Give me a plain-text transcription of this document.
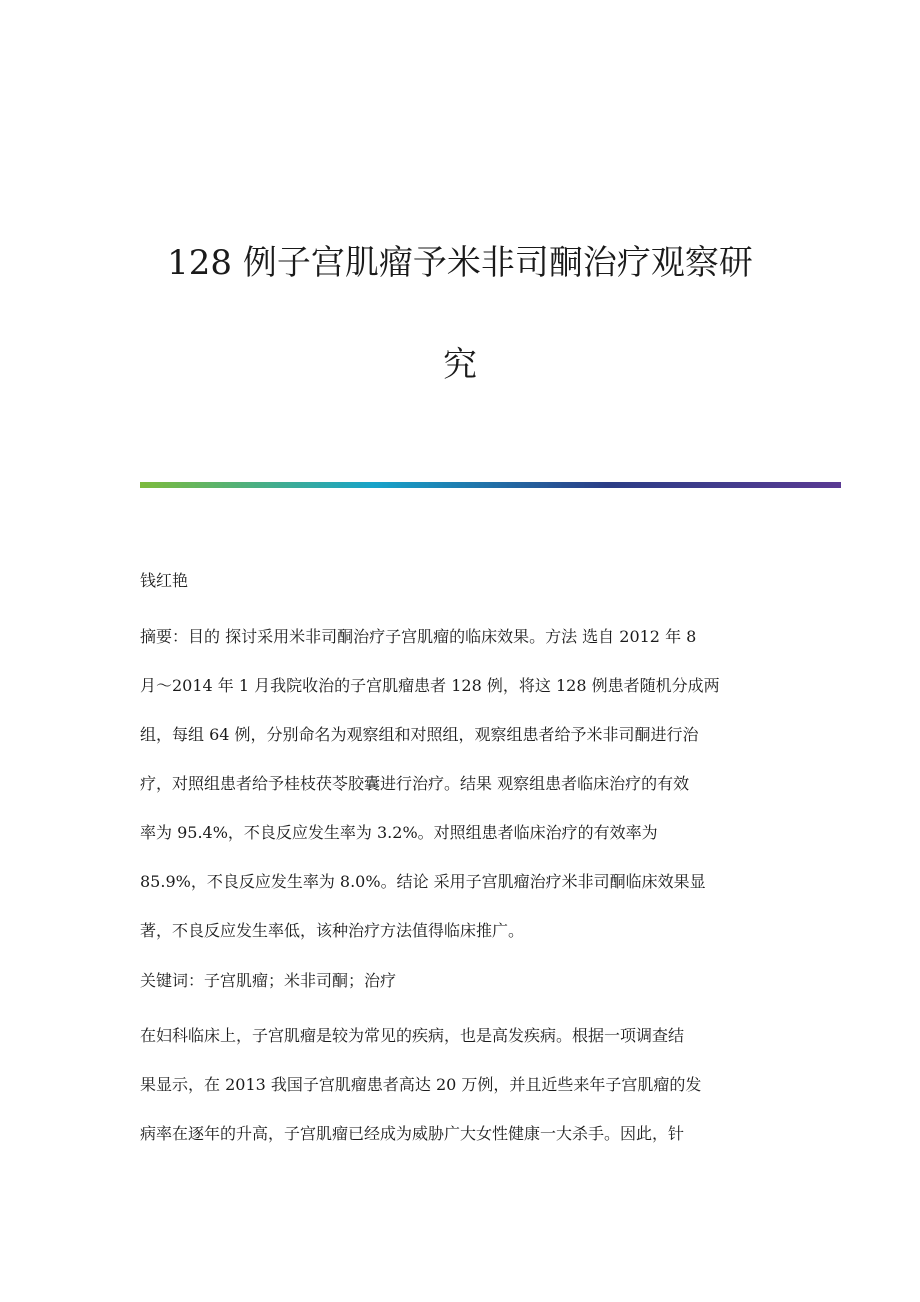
128 例子宫肌瘤予米非司酮治疗观察研
究

钱红艳

摘要：目的 探讨采用米非司酮治疗子宫肌瘤的临床效果。方法 选自 2012 年 8
月～2014 年 1 月我院收治的子宫肌瘤患者 128 例，将这 128 例患者随机分成两
组，每组 64 例，分别命名为观察组和对照组，观察组患者给予米非司酮进行治
疗，对照组患者给予桂枝茯苓胶囊进行治疗。结果 观察组患者临床治疗的有效
率为 95.4%，不良反应发生率为 3.2%。对照组患者临床治疗的有效率为
85.9%，不良反应发生率为 8.0%。结论 采用子宫肌瘤治疗米非司酮临床效果显
著，不良反应发生率低，该种治疗方法值得临床推广。

关键词：子宫肌瘤；米非司酮；治疗

在妇科临床上，子宫肌瘤是较为常见的疾病，也是高发疾病。根据一项调查结
果显示，在 2013 我国子宫肌瘤患者高达 20 万例，并且近些来年子宫肌瘤的发
病率在逐年的升高，子宫肌瘤已经成为威胁广大女性健康一大杀手。因此，针
